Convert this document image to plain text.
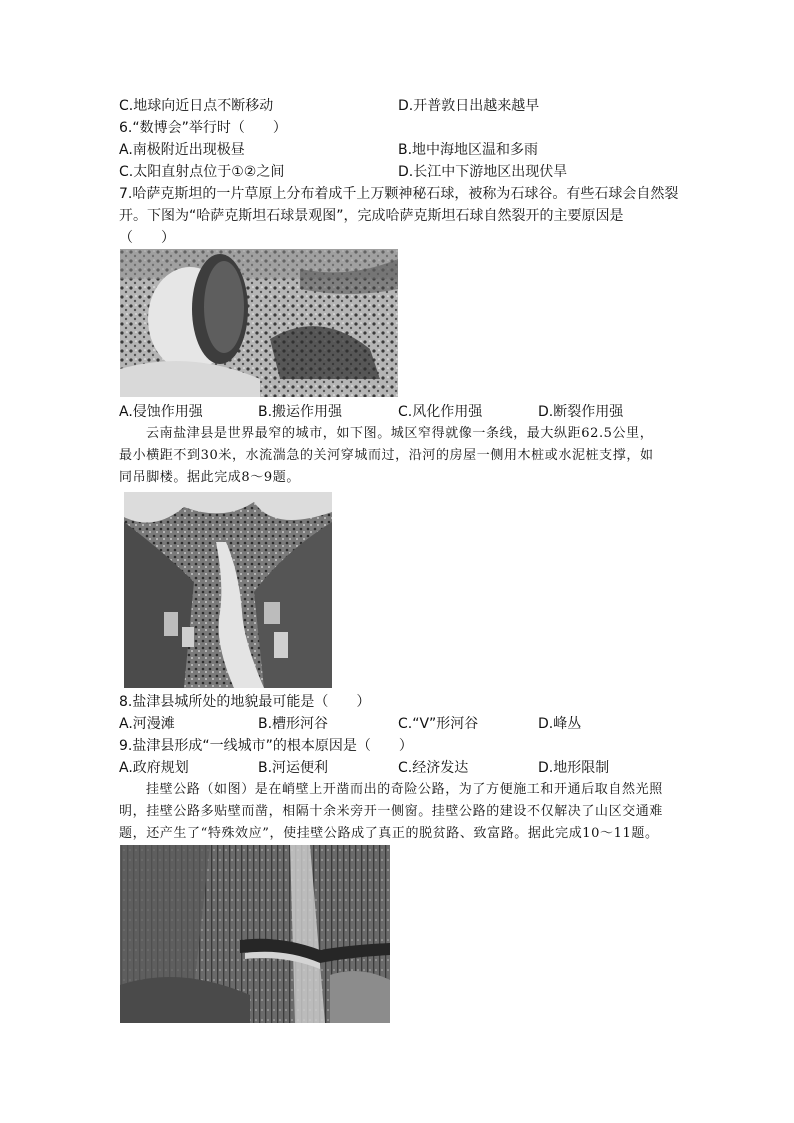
C.地球向近日点不断移动	D.开普敦日出越来越早
6.“数博会”举行时（　　）
A.南极附近出现极昼	B.地中海地区温和多雨
C.太阳直射点位于①②之间	D.长江中下游地区出现伏旱
7.哈萨克斯坦的一片草原上分布着成千上万颗神秘石球，被称为石球谷。有些石球会自然裂
开。下图为“哈萨克斯坦石球景观图”，完成哈萨克斯坦石球自然裂开的主要原因是
（　　）
A.侵蚀作用强	B.搬运作用强	C.风化作用强	D.断裂作用强
云南盐津县是世界最窄的城市，如下图。城区窄得就像一条线，最大纵距62.5公里，
最小横距不到30米，水流湍急的关河穿城而过，沿河的房屋一侧用木桩或水泥桩支撑，如
同吊脚楼。据此完成8～9题。
8.盐津县城所处的地貌最可能是（　　）
A.河漫滩	B.槽形河谷	C.“V”形河谷	D.峰丛
9.盐津县形成“一线城市”的根本原因是（　　）
A.政府规划	B.河运便利	C.经济发达	D.地形限制
挂壁公路（如图）是在峭壁上开凿而出的奇险公路，为了方便施工和开通后取自然光照
明，挂壁公路多贴壁而凿，相隔十余米旁开一侧窗。挂壁公路的建设不仅解决了山区交通难
题，还产生了“特殊效应”，使挂壁公路成了真正的脱贫路、致富路。据此完成10～11题。
